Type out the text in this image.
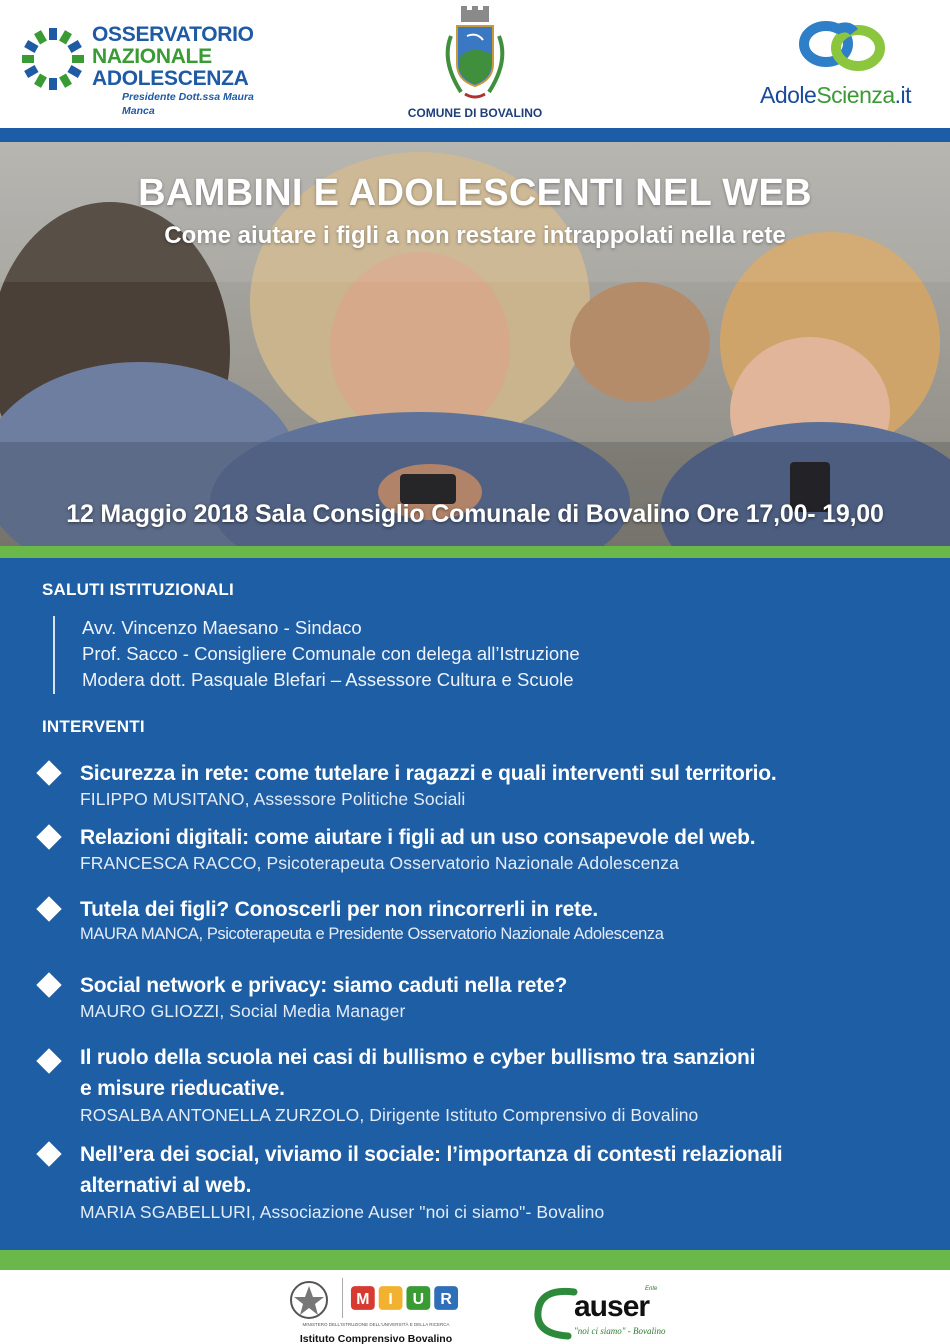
OSSERVATORIO
NAZIONALE
ADOLESCENZA
Presidente Dott.ssa Maura Manca	COMUNE DI BOVALINO
AdoleScienza.it
BAMBINI E ADOLESCENTI NEL WEB
Come aiutare i figli a non restare intrappolati nella rete
12 Maggio 2018 Sala Consiglio Comunale di Bovalino Ore 17,00- 19,00
SALUTI ISTITUZIONALI
Avv. Vincenzo Maesano - Sindaco
Prof. Sacco - Consigliere Comunale con delega all’Istruzione
Modera dott. Pasquale Blefari – Assessore Cultura e Scuole
INTERVENTI
Sicurezza in rete: come tutelare i ragazzi e quali interventi sul territorio.
FILIPPO MUSITANO, Assessore Politiche Sociali
Relazioni digitali: come aiutare i figli ad un uso consapevole del web.
FRANCESCA RACCO, Psicoterapeuta Osservatorio Nazionale Adolescenza
Tutela dei figli? Conoscerli per non rincorrerli in rete.
MAURA MANCA, Psicoterapeuta e Presidente Osservatorio Nazionale Adolescenza
Social network e privacy: siamo caduti nella rete?
MAURO GLIOZZI, Social Media Manager
Il ruolo della scuola nei casi di bullismo e cyber bullismo tra sanzioni
e misure rieducative.
ROSALBA ANTONELLA ZURZOLO, Dirigente Istituto Comprensivo di Bovalino
Nell’era dei social, viviamo il sociale: l’importanza di contesti relazionali
alternativi al web.
MARIA SGABELLURI, Associazione Auser "noi ci siamo"- Bovalino
M I U R
MINISTERO DELL'ISTRUZIONE DELL'UNIVERSITÀ E DELLA RICERCA
Istituto Comprensivo Bovalino
Ente
auser
"noi ci siamo" - Bovalino
